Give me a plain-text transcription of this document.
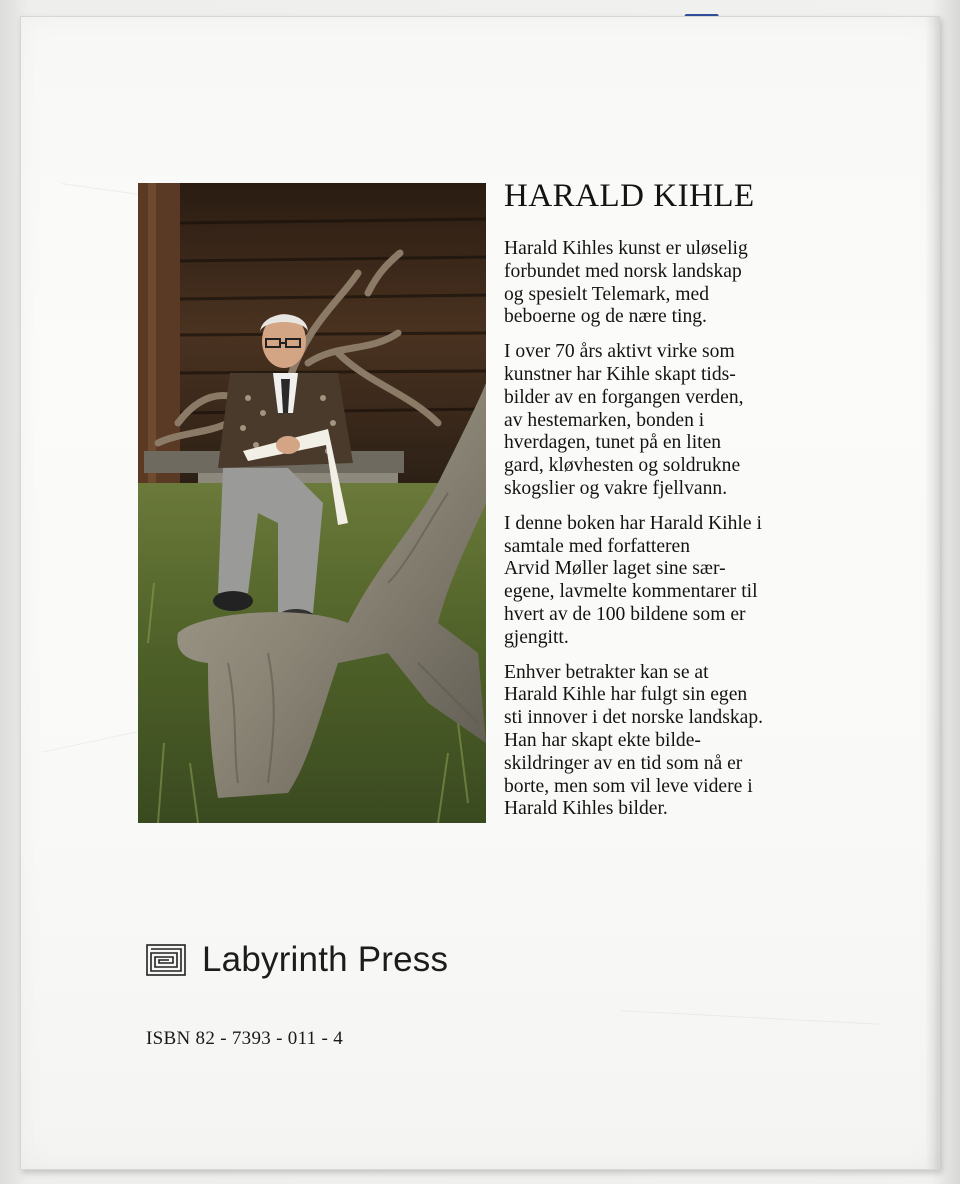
HARALD KIHLE

Harald Kihles kunst er uløselig
forbundet med norsk landskap
og spesielt Telemark, med
beboerne og de nære ting.

I over 70 års aktivt virke som
kunstner har Kihle skapt tids-
bilder av en forgangen verden,
av hestemarken, bonden i
hverdagen, tunet på en liten
gard, kløvhesten og soldrukne
skogslier og vakre fjellvann.

I denne boken har Harald Kihle i
samtale med forfatteren
Arvid Møller laget sine sær-
egene, lavmelte kommentarer til
hvert av de 100 bildene som er
gjengitt.

Enhver betrakter kan se at
Harald Kihle har fulgt sin egen
sti innover i det norske landskap.
Han har skapt ekte bilde-
skildringer av en tid som nå er
borte, men som vil leve videre i
Harald Kihles bilder.

Labyrinth Press
ISBN 82 - 7393 - 011 - 4
